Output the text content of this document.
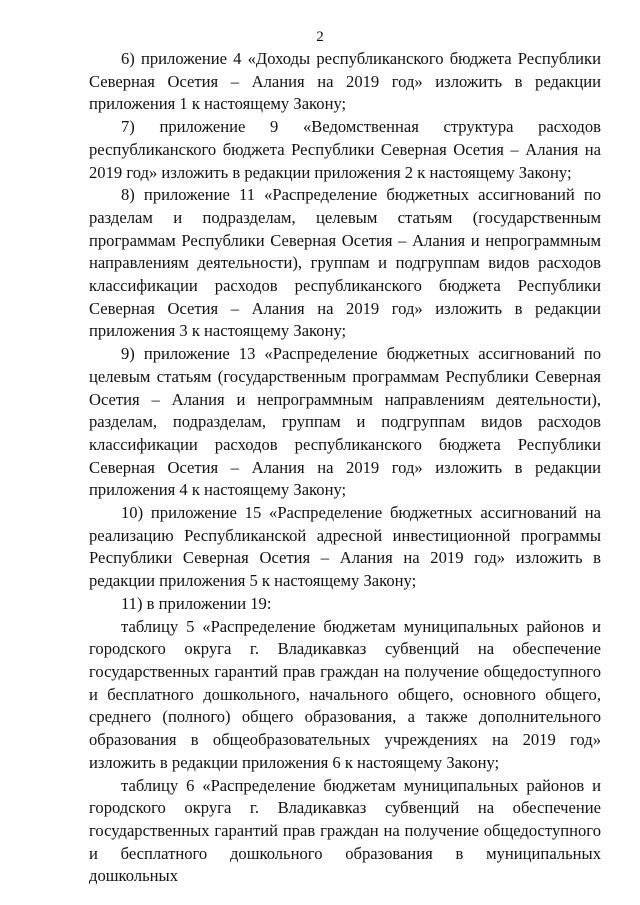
2

6) приложение 4 «Доходы республиканского бюджета Республики Северная Осетия – Алания на 2019 год» изложить в редакции приложения 1 к настоящему Закону;

7) приложение 9 «Ведомственная структура расходов республиканского бюджета Республики Северная Осетия – Алания на 2019 год» изложить в редакции приложения 2 к настоящему Закону;

8) приложение 11 «Распределение бюджетных ассигнований по разделам и подразделам, целевым статьям (государственным программам Республики Северная Осетия – Алания и непрограммным направлениям деятельности), группам и подгруппам видов расходов классификации расходов республиканского бюджета Республики Северная Осетия – Алания на 2019 год» изложить в редакции приложения 3 к настоящему Закону;

9) приложение 13 «Распределение бюджетных ассигнований по целевым статьям (государственным программам Республики Северная Осетия – Алания и непрограммным направлениям деятельности), разделам, подразделам, группам и подгруппам видов расходов классификации расходов республиканского бюджета Республики Северная Осетия – Алания на 2019 год» изложить в редакции приложения 4 к настоящему Закону;

10) приложение 15 «Распределение бюджетных ассигнований на реализацию Республиканской адресной инвестиционной программы Республики Северная Осетия – Алания на 2019 год» изложить в редакции приложения 5 к настоящему Закону;

11) в приложении 19:

таблицу 5 «Распределение бюджетам муниципальных районов и городского округа г. Владикавказ субвенций на обеспечение государственных гарантий прав граждан на получение общедоступного и бесплатного дошкольного, начального общего, основного общего, среднего (полного) общего образования, а также дополнительного образования в общеобразовательных учреждениях на 2019 год» изложить в редакции приложения 6 к настоящему Закону;

таблицу 6 «Распределение бюджетам муниципальных районов и городского округа г. Владикавказ субвенций на обеспечение государственных гарантий прав граждан на получение общедоступного и бесплатного дошкольного образования в муниципальных дошкольных
